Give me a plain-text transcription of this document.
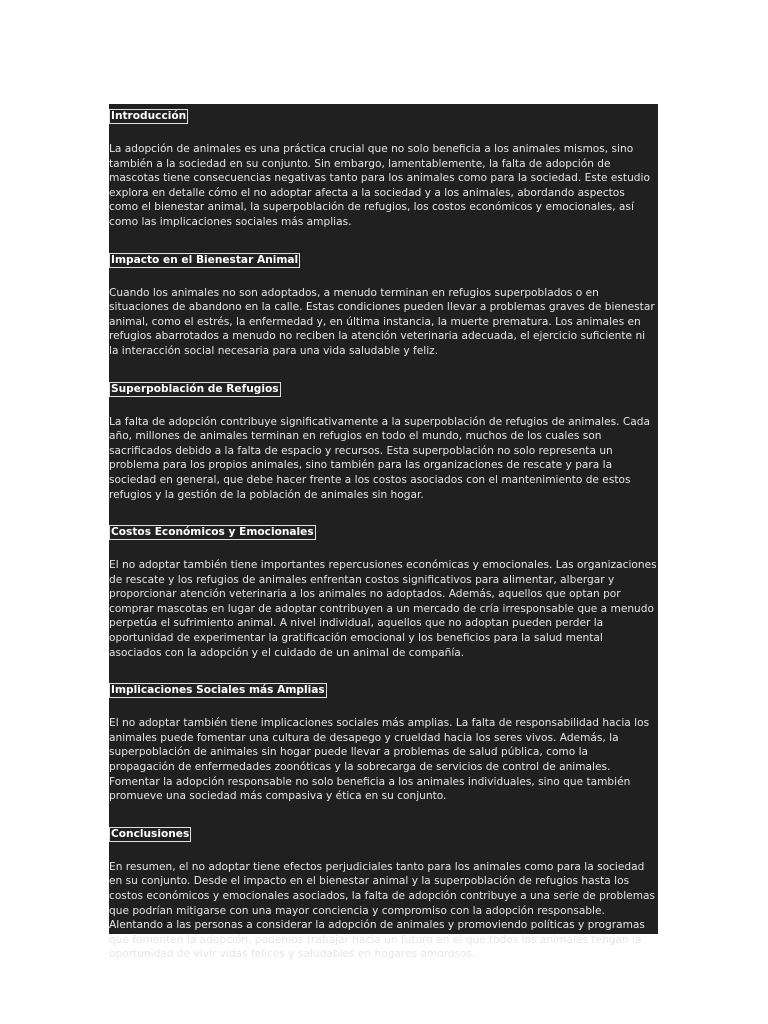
Introducción

La adopción de animales es una práctica crucial que no solo beneficia a los animales mismos, sino también a la sociedad en su conjunto. Sin embargo, lamentablemente, la falta de adopción de mascotas tiene consecuencias negativas tanto para los animales como para la sociedad. Este estudio explora en detalle cómo el no adoptar afecta a la sociedad y a los animales, abordando aspectos como el bienestar animal, la superpoblación de refugios, los costos económicos y emocionales, así como las implicaciones sociales más amplias.

Impacto en el Bienestar Animal

Cuando los animales no son adoptados, a menudo terminan en refugios superpoblados o en situaciones de abandono en la calle. Estas condiciones pueden llevar a problemas graves de bienestar animal, como el estrés, la enfermedad y, en última instancia, la muerte prematura. Los animales en refugios abarrotados a menudo no reciben la atención veterinaria adecuada, el ejercicio suficiente ni la interacción social necesaria para una vida saludable y feliz.

Superpoblación de Refugios

La falta de adopción contribuye significativamente a la superpoblación de refugios de animales. Cada año, millones de animales terminan en refugios en todo el mundo, muchos de los cuales son sacrificados debido a la falta de espacio y recursos. Esta superpoblación no solo representa un problema para los propios animales, sino también para las organizaciones de rescate y para la sociedad en general, que debe hacer frente a los costos asociados con el mantenimiento de estos refugios y la gestión de la población de animales sin hogar.

Costos Económicos y Emocionales

El no adoptar también tiene importantes repercusiones económicas y emocionales. Las organizaciones de rescate y los refugios de animales enfrentan costos significativos para alimentar, albergar y proporcionar atención veterinaria a los animales no adoptados. Además, aquellos que optan por comprar mascotas en lugar de adoptar contribuyen a un mercado de cría irresponsable que a menudo perpetúa el sufrimiento animal. A nivel individual, aquellos que no adoptan pueden perder la oportunidad de experimentar la gratificación emocional y los beneficios para la salud mental asociados con la adopción y el cuidado de un animal de compañía.

Implicaciones Sociales más Amplias

El no adoptar también tiene implicaciones sociales más amplias. La falta de responsabilidad hacia los animales puede fomentar una cultura de desapego y crueldad hacia los seres vivos. Además, la superpoblación de animales sin hogar puede llevar a problemas de salud pública, como la propagación de enfermedades zoonóticas y la sobrecarga de servicios de control de animales. Fomentar la adopción responsable no solo beneficia a los animales individuales, sino que también promueve una sociedad más compasiva y ética en su conjunto.

Conclusiones

En resumen, el no adoptar tiene efectos perjudiciales tanto para los animales como para la sociedad en su conjunto. Desde el impacto en el bienestar animal y la superpoblación de refugios hasta los costos económicos y emocionales asociados, la falta de adopción contribuye a una serie de problemas que podrían mitigarse con una mayor conciencia y compromiso con la adopción responsable. Alentando a las personas a considerar la adopción de animales y promoviendo políticas y programas que fomenten la adopción, podemos trabajar hacia un futuro en el que todos los animales tengan la oportunidad de vivir vidas felices y saludables en hogares amorosos.
